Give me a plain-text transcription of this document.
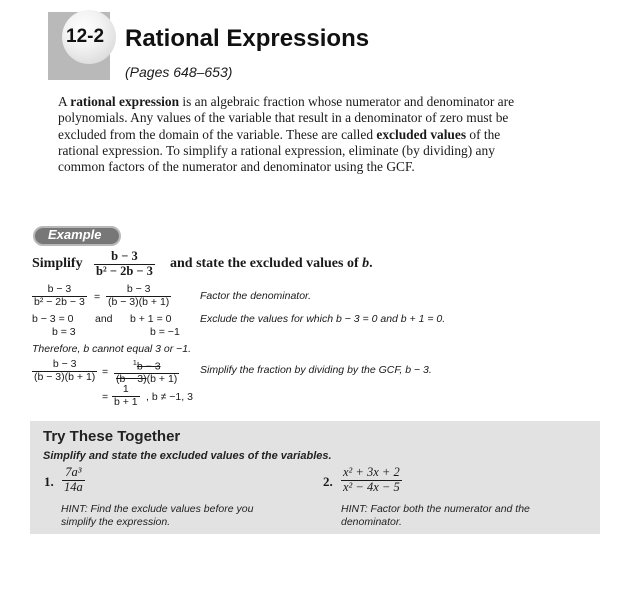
12-2 Rational Expressions
(Pages 648–653)
A rational expression is an algebraic fraction whose numerator and denominator are polynomials. Any values of the variable that result in a denominator of zero must be excluded from the domain of the variable. These are called excluded values of the rational expression. To simplify a rational expression, eliminate (by dividing) any common factors of the numerator and denominator using the GCF.
Example
Simplify $\frac{b - 3}{\text{b² − 2b − 3}}$ and state the excluded values of b.
$\frac{b - 3}{\text{b² − 2b − 3}} = \frac{b - 3}{(b - 3)(b + 1)}$	Factor the denominator.
b − 3 = 0 and b + 1 = 0	Exclude the values for which b − 3 = 0 and b + 1 = 0.
b = 3	b = −1
Therefore, b cannot equal 3 or −1.
$\frac{b - 3}{(b - 3)(b + 1)} = \frac{^1b - 3}{(b - 3)(b + 1)}$ Simplify the fraction by dividing by the GCF, b − 3.
= $\frac{1}{b + 1}$ , b ≠ −1, 3
Try These Together
Simplify and state the excluded values of the variables.
1. $\frac{\text{7a³}}{14a}$
HINT: Find the exclude values before you simplify the expression.
2. $\frac{\text{x² + 3x + 2}}{\text{x² − 4x − 5}}$
HINT: Factor both the numerator and the denominator.
